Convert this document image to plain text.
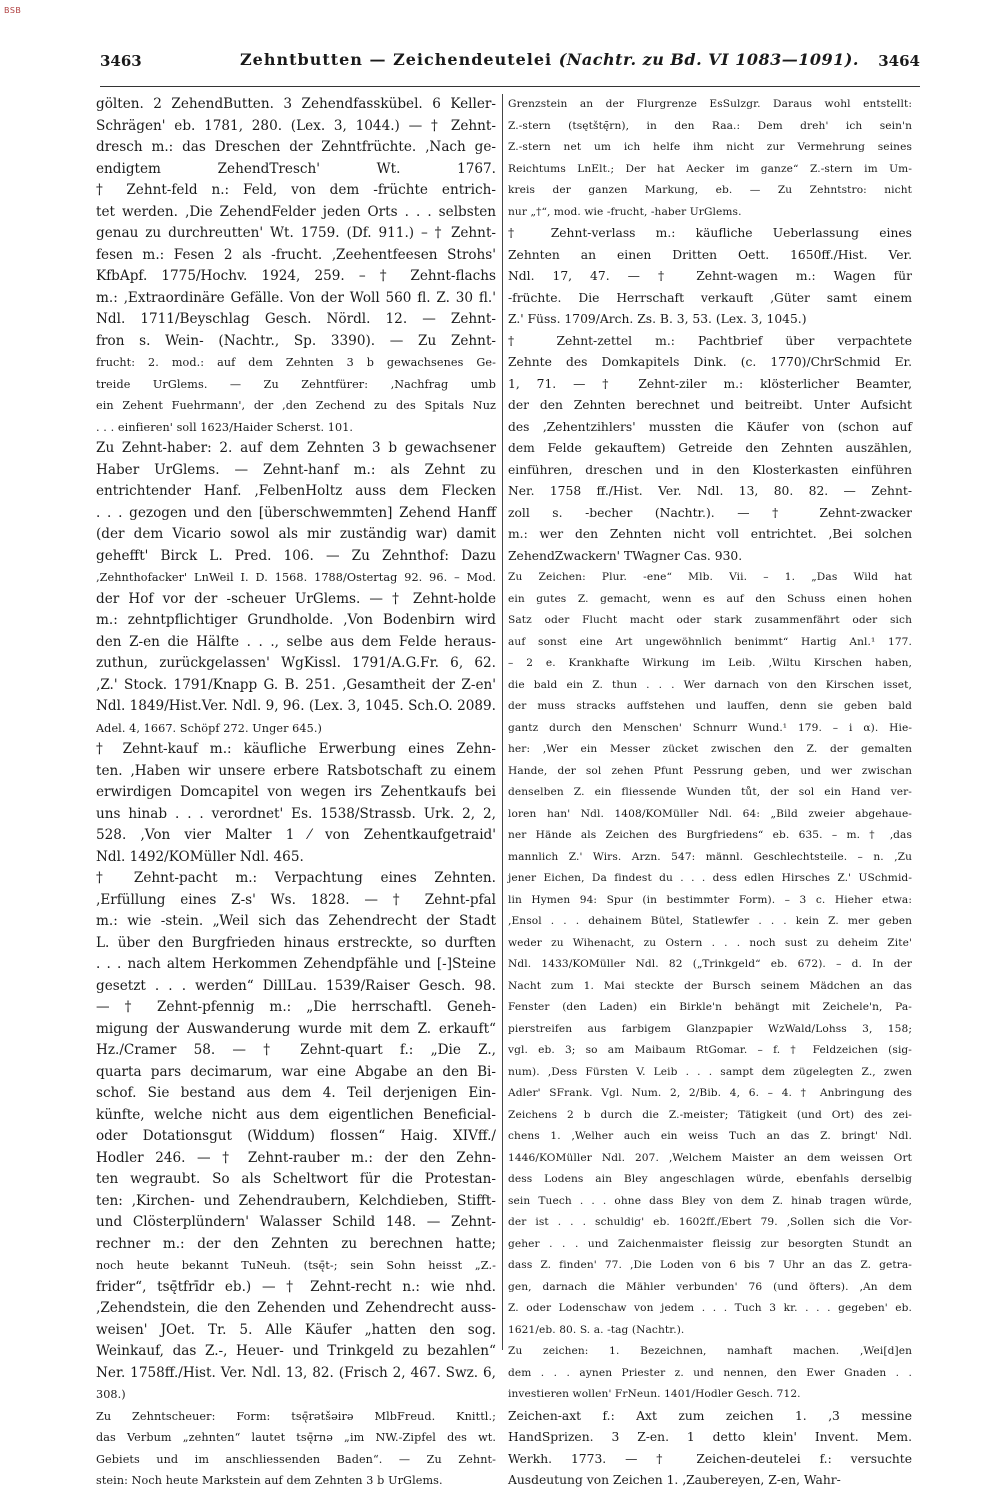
BSB
3463	Zehntbutten — Zeichendeutelei (Nachtr. zu Bd. VI 1083—1091). 3464
gölten. 2 ZehendButten. 3 Zehendfasskübel. 6 Keller-
Schrägen' eb. 1781, 280. (Lex. 3, 1044.) — † Zehnt-
dresch m.: das Dreschen der Zehntfrüchte. ‚Nach ge-
endigtem ZehendTresch' Wt. 1767.
† Zehnt-feld n.: Feld, von dem -früchte entrich-
tet werden. ‚Die ZehendFelder jeden Orts . . . selbsten
genau zu durchreutten' Wt. 1759. (Df. 911.) – † Zehnt-
fesen m.: Fesen 2 als -frucht. ‚Zeehentfeesen Strohs'
KfbApf. 1775/Hochv. 1924, 259. – † Zehnt-flachs
m.: ‚Extraordinäre Gefälle. Von der Woll 560 fl. Z. 30 fl.'
Ndl. 1711/Beyschlag Gesch. Nördl. 12. — Zehnt-
fron s. Wein- (Nachtr., Sp. 3390). — Zu Zehnt-
frucht: 2. mod.: auf dem Zehnten 3 b gewachsenes Ge-
treide UrGlems. — Zu Zehntfürer: ‚Nachfrag umb
ein Zehent Fuehrmann', der ‚den Zechend zu des Spitals Nuz
. . . einfieren' soll 1623/Haider Scherst. 101.
Zu Zehnt-haber: 2. auf dem Zehnten 3 b gewachsener
Haber UrGlems. — Zehnt-hanf m.: als Zehnt zu
entrichtender Hanf. ‚FelbenHoltz auss dem Flecken
. . . gezogen und den [überschwemmten] Zehend Hanff
(der dem Vicario sowol als mir zuständig war) damit
gehefft' Birck L. Pred. 106. — Zu Zehnthof: Dazu
‚Zehnthofacker' LnWeil I. D. 1568. 1788/Ostertag 92. 96. – Mod.
der Hof vor der -scheuer UrGlems. — † Zehnt-holde
m.: zehntpflichtiger Grundholde. ‚Von Bodenbirn wird
den Z-en die Hälfte . . ., selbe aus dem Felde heraus-
zuthun, zurückgelassen' WgKissl. 1791/A.G.Fr. 6, 62.
‚Z.' Stock. 1791/Knapp G. B. 251. ‚Gesamtheit der Z-en'
Ndl. 1849/Hist.Ver. Ndl. 9, 96. (Lex. 3, 1045. Sch.O. 2089.
Adel. 4, 1667. Schöpf 272. Unger 645.)
† Zehnt-kauf m.: käufliche Erwerbung eines Zehn-
ten. ‚Haben wir unsere erbere Ratsbotschaft zu einem
erwirdigen Domcapitel von wegen irs Zehentkaufs bei
uns hinab . . . verordnet' Es. 1538/Strassb. Urk. 2, 2,
528. ‚Von vier Malter 1 ⁄ von Zehentkaufgetraid'
Ndl. 1492/KOMüller Ndl. 465.
† Zehnt-pacht m.: Verpachtung eines Zehnten.
‚Erfüllung eines Z-s' Ws. 1828. — † Zehnt-pfal
m.: wie -stein. „Weil sich das Zehendrecht der Stadt
L. über den Burgfrieden hinaus erstreckte, so durften
. . . nach altem Herkommen Zehendpfähle und [-]Steine
gesetzt . . . werden“ DillLau. 1539/Raiser Gesch. 98.
— † Zehnt-pfennig m.: „Die herrschaftl. Geneh-
migung der Auswanderung wurde mit dem Z. erkauft“
Hz./Cramer 58. — † Zehnt-quart f.: „Die Z.,
quarta pars decimarum, war eine Abgabe an den Bi-
schof. Sie bestand aus dem 4. Teil derjenigen Ein-
künfte, welche nicht aus dem eigentlichen Beneficial-
oder Dotationsgut (Widdum) flossen“ Haig. XIVff./
Hodler 246. — † Zehnt-rauber m.: der den Zehn-
ten wegraubt. So als Scheltwort für die Protestan-
ten: ‚Kirchen- und Zehendraubern, Kelchdieben, Stifft-
und Clösterplündern' Walasser Schild 148. — Zehnt-
rechner m.: der den Zehnten zu berechnen hatte;
noch heute bekannt TuNeuh. (tsę̄t-; sein Sohn heisst „Z.-
frider“, tsę̄tfrīdr eb.) — † Zehnt-recht n.: wie nhd.
‚Zehendstein, die den Zehenden und Zehendrecht auss-
weisen' JOet. Tr. 5. Alle Käufer „hatten den sog.
Weinkauf, das Z.-, Heuer- und Trinkgeld zu bezahlen“
Ner. 1758ff./Hist. Ver. Ndl. 13, 82. (Frisch 2, 467. Swz. 6,
308.)
Zu Zehntscheuer: Form: tsę̄rətšəirə MlbFreud. Knittl.;
das Verbum „zehnten“ lautet tsę̄rnə „im NW.-Zipfel des wt.
Gebiets und im anschliessenden Baden“. — Zu Zehnt-
stein: Noch heute Markstein auf dem Zehnten 3 b UrGlems.
Grenzstein an der Flurgrenze EsSulzgr. Daraus wohl entstellt:
Z.-stern (tsętštę̄rn), in den Raa.: Dem dreh' ich sein'n
Z.-stern net um ich helfe ihm nicht zur Vermehrung seines
Reichtums LnElt.; Der hat Aecker im ganze“ Z.-stern im Um-
kreis der ganzen Markung, eb. — Zu Zehntstro: nicht
nur „†“, mod. wie -frucht, -haber UrGlems.
† Zehnt-verlass m.: käufliche Ueberlassung eines
Zehnten an einen Dritten Oett. 1650ff./Hist. Ver.
Ndl. 17, 47. — † Zehnt-wagen m.: Wagen für
-früchte. Die Herrschaft verkauft ‚Güter samt einem
Z.' Füss. 1709/Arch. Zs. B. 3, 53. (Lex. 3, 1045.)
† Zehnt-zettel m.: Pachtbrief über verpachtete
Zehnte des Domkapitels Dink. (c. 1770)/ChrSchmid Er.
1, 71. — † Zehnt-ziler m.: klösterlicher Beamter,
der den Zehnten berechnet und beitreibt. Unter Aufsicht
des ‚Zehentzihlers' mussten die Käufer von (schon auf
dem Felde gekauftem) Getreide den Zehnten auszählen,
einführen, dreschen und in den Klosterkasten einführen
Ner. 1758 ff./Hist. Ver. Ndl. 13, 80. 82. — Zehnt-
zoll s. -becher (Nachtr.). — † Zehnt-zwacker
m.: wer den Zehnten nicht voll entrichtet. ‚Bei solchen
ZehendZwackern' TWagner Cas. 930.
Zu Zeichen: Plur. -ene“ Mlb. Vii. – 1. „Das Wild hat
ein gutes Z. gemacht, wenn es auf den Schuss einen hohen
Satz oder Flucht macht oder stark zusammenfährt oder sich
auf sonst eine Art ungewöhnlich benimmt“ Hartig Anl.¹ 177.
– 2 e. Krankhafte Wirkung im Leib. ‚Wiltu Kirschen haben,
die bald ein Z. thun . . . Wer darnach von den Kirschen isset,
der muss stracks auffstehen und lauffen, denn sie geben bald
gantz durch den Menschen' Schnurr Wund.¹ 179. – i α). Hie-
her: ‚Wer ein Messer zücket zwischen den Z. der gemalten
Hande, der sol zehen Pfunt Pessrung geben, und wer zwischan
denselben Z. ein fliessende Wunden tůt, der sol ein Hand ver-
loren han' Ndl. 1408/KOMüller Ndl. 64: „Bild zweier abgehaue-
ner Hände als Zeichen des Burgfriedens“ eb. 635. – m. † ‚das
mannlich Z.' Wirs. Arzn. 547: männl. Geschlechtsteile. – n. ‚Zu
jener Eichen, Da findest du . . . dess edlen Hirsches Z.' USchmid-
lin Hymen 94: Spur (in bestimmter Form). – 3 c. Hieher etwa:
‚Ensol . . . dehainem Bütel, Statlewfer . . . kein Z. mer geben
weder zu Wihenacht, zu Ostern . . . noch sust zu deheim Zite'
Ndl. 1433/KOMüller Ndl. 82 („Trinkgeld“ eb. 672). – d. In der
Nacht zum 1. Mai steckte der Bursch seinem Mädchen an das
Fenster (den Laden) ein Birkle'n behängt mit Zeichele'n, Pa-
pierstreifen aus farbigem Glanzpapier WzWald/Lohss 3, 158;
vgl. eb. 3; so am Maibaum RtGomar. – f. † Feldzeichen (sig-
num). ‚Dess Fürsten V. Leib . . . sampt dem zügelegten Z., zwen
Adler' SFrank. Vgl. Num. 2, 2/Bib. 4, 6. – 4. † Anbringung des
Zeichens 2 b durch die Z.-meister; Tätigkeit (und Ort) des zei-
chens 1. ‚Welher auch ein weiss Tuch an das Z. bringt' Ndl.
1446/KOMüller Ndl. 207. ‚Welchem Maister an dem weissen Ort
dess Lodens ain Bley angeschlagen würde, ebenfahls derselbig
sein Tuech . . . ohne dass Bley von dem Z. hinab tragen würde,
der ist . . . schuldig' eb. 1602ff./Ebert 79. ‚Sollen sich die Vor-
geher . . . und Zaichenmaister fleissig zur besorgten Stundt an
dass Z. finden' 77. ‚Die Loden von 6 bis 7 Uhr an das Z. getra-
gen, darnach die Mähler verbunden' 76 (und öfters). ‚An dem
Z. oder Lodenschaw von jedem . . . Tuch 3 kr. . . . gegeben' eb.
1621/eb. 80. S. a. -tag (Nachtr.).
Zu zeichen: 1. Bezeichnen, namhaft machen. ‚Wei[d]en
dem . . . aynen Priester z. und nennen, den Ewer Gnaden . .
investieren wollen' FrNeun. 1401/Hodler Gesch. 712.
Zeichen-axt f.: Axt zum zeichen 1. ‚3 messine
HandSprizen. 3 Z-en. 1 detto klein' Invent. Mem.
Werkh. 1773. — † Zeichen-deutelei f.: versuchte
Ausdeutung von Zeichen 1. ‚Zaubereyen, Z-en, Wahr-
